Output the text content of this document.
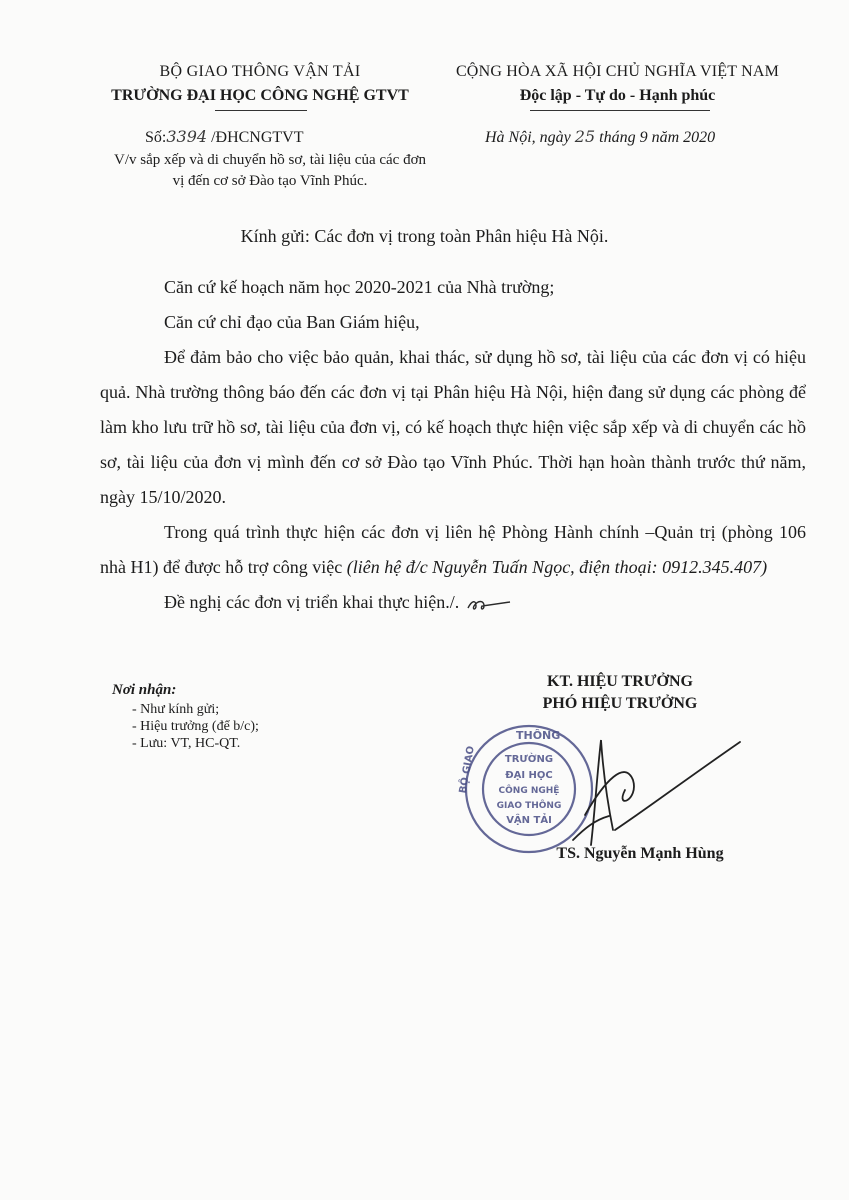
BỘ GIAO THÔNG VẬN TẢI
TRƯỜNG ĐẠI HỌC CÔNG NGHỆ GTVT
CỘNG HÒA XÃ HỘI CHỦ NGHĨA VIỆT NAM
Độc lập - Tự do - Hạnh phúc
Số:3394 /ĐHCNGTVT
V/v sắp xếp và di chuyển hồ sơ, tài liệu của các đơn vị đến cơ sở Đào tạo Vĩnh Phúc.
Hà Nội, ngày 25 tháng 9 năm 2020
Kính gửi: Các đơn vị trong toàn Phân hiệu Hà Nội.

Căn cứ kế hoạch năm học 2020-2021 của Nhà trường;

Căn cứ chỉ đạo của Ban Giám hiệu,

Để đảm bảo cho việc bảo quản, khai thác, sử dụng hồ sơ, tài liệu của các đơn vị có hiệu quả. Nhà trường thông báo đến các đơn vị tại Phân hiệu Hà Nội, hiện đang sử dụng các phòng để làm kho lưu trữ hồ sơ, tài liệu của đơn vị, có kế hoạch thực hiện việc sắp xếp và di chuyển các hồ sơ, tài liệu của đơn vị mình đến cơ sở Đào tạo Vĩnh Phúc. Thời hạn hoàn thành trước thứ năm, ngày 15/10/2020.

Trong quá trình thực hiện các đơn vị liên hệ Phòng Hành chính –Quản trị (phòng 106 nhà H1) để được hỗ trợ công việc (liên hệ đ/c Nguyễn Tuấn Ngọc, điện thoại: 0912.345.407)

Đề nghị các đơn vị triển khai thực hiện./.

Nơi nhận:
- Như kính gửi;
- Hiệu trưởng (để b/c);
- Lưu: VT, HC-QT.
KT. HIỆU TRƯỞNG
PHÓ HIỆU TRƯỞNG
THÔNG
BỘ GIAO	TRƯỜNG
ĐẠI HỌC
CÔNG NGHỆ
GIAO THÔNG
VẬN TẢI
TS. Nguyễn Mạnh Hùng
